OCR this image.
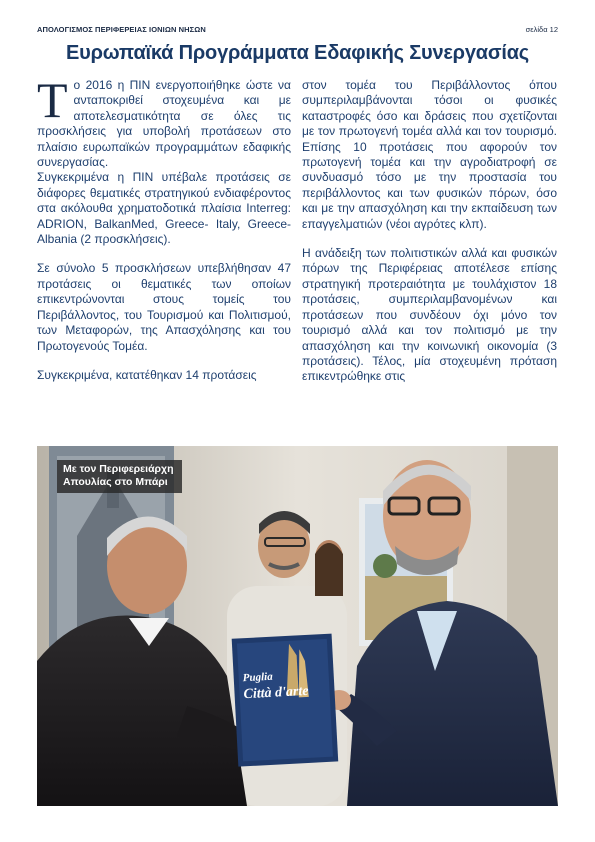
ΑΠΟΛΟΓΙΣΜΟΣ ΠΕΡΙΦΕΡΕΙΑΣ ΙΟΝΙΩΝ ΝΗΣΩΝ	σελίδα 12
Ευρωπαϊκά Προγράμματα Εδαφικής Συνεργασίας

Το 2016 η ΠΙΝ ενεργοποιήθηκε ώστε να ανταποκριθεί στοχευμένα και με αποτελεσματικότητα σε όλες τις προσκλήσεις για υποβολή προτάσεων στο πλαίσιο ευρωπαϊκών προγραμμάτων εδαφικής συνεργασίας.

Συγκεκριμένα η ΠΙΝ υπέβαλε προτάσεις σε διάφορες θεματικές στρατηγικού ενδιαφέροντος στα ακόλουθα χρηματοδοτικά πλαίσια Interreg: ADRION, BalkanMed, Greece- Italy, Greece- Albania (2 προσκλήσεις).

Σε σύνολο 5 προσκλήσεων υπεβλήθησαν 47 προτάσεις οι θεματικές των οποίων επικεντρώνονται στους τομείς του Περιβάλλοντος, του Τουρισμού και Πολιτισμού, των Μεταφορών, της Απασχόλησης και του Πρωτογενούς Τομέα.

Συγκεκριμένα, κατατέθηκαν 14 προτάσεις

στον τομέα του Περιβάλλοντος όπου συμπεριλαμβάνονται τόσοι οι φυσικές καταστροφές όσο και δράσεις που σχετίζονται με τον πρωτογενή τομέα αλλά και τον τουρισμό. Επίσης 10 προτάσεις που αφορούν τον πρωτογενή τομέα και την αγροδιατροφή σε συνδυασμό τόσο με την προστασία του περιβάλλοντος και των φυσικών πόρων, όσο και με την απασχόληση και την εκπαίδευση των επαγγελματιών (νέοι αγρότες κλπ).

Η ανάδειξη των πολιτιστικών αλλά και φυσικών πόρων της Περιφέρειας αποτέλεσε επίσης στρατηγική προτεραιότητα με τουλάχιστον 18 προτάσεις, συμπεριλαμβανομένων και προτάσεων που συνδέουν όχι μόνο τον τουρισμό αλλά και τον πολιτισμό με την απασχόληση και την κοινωνική οικονομία (3 προτάσεις). Τέλος, μία στοχευμένη πρόταση επικεντρώθηκε στις

Puglia
Città d'arte
Με τον Περιφερειάρχη
Απουλίας στο Μπάρι
